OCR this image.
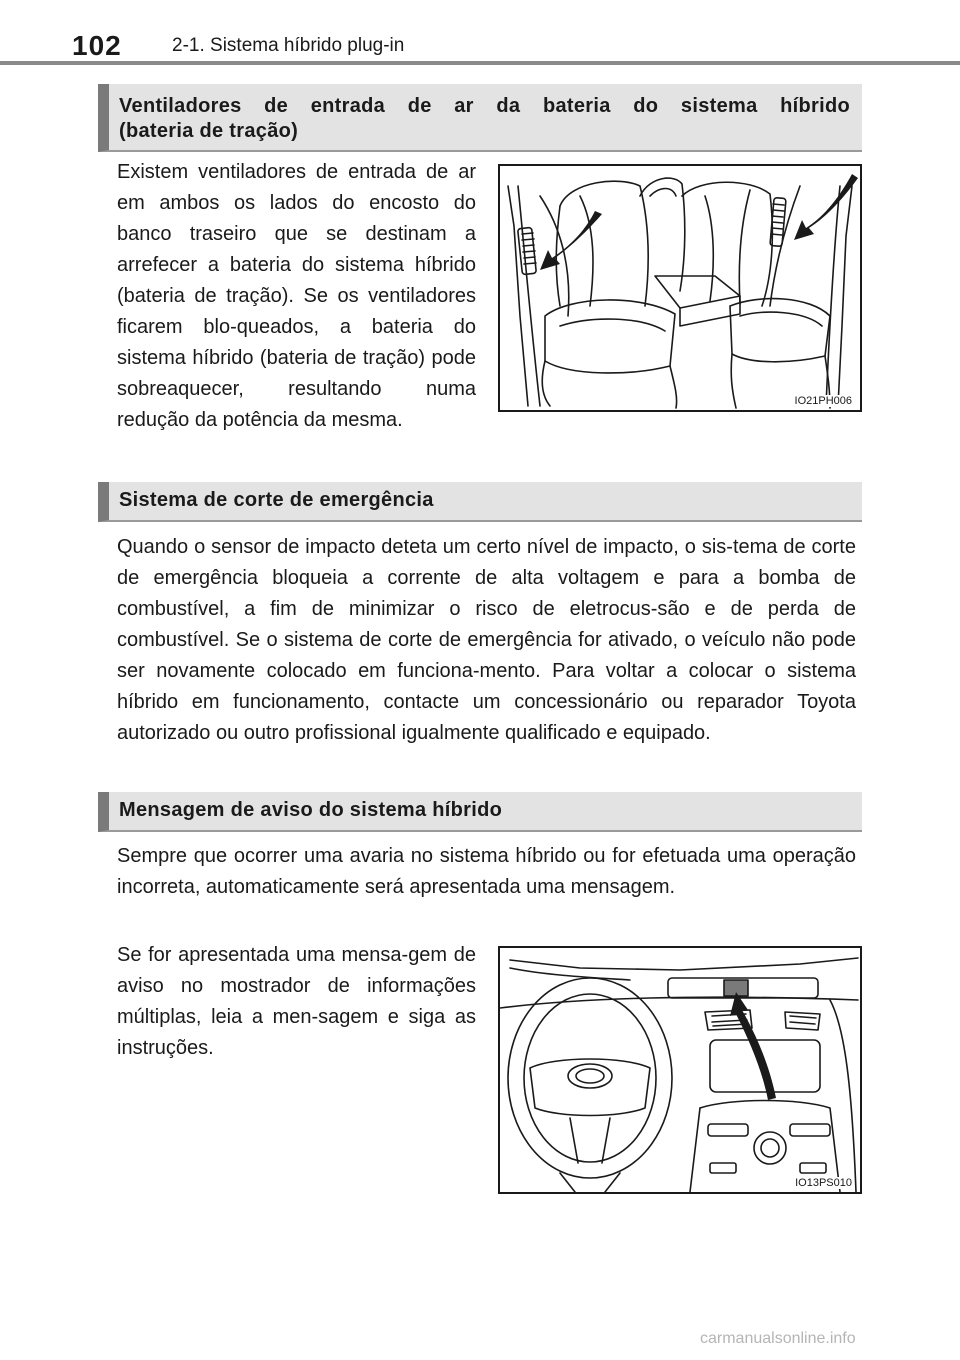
102	2-1. Sistema híbrido plug-in
Ventiladores de entrada de ar da bateria do sistema híbrido
(bateria de tração)

Existem ventiladores de entrada de ar em ambos os lados do encosto do banco traseiro que se destinam a arrefecer a bateria do sistema híbrido (bateria de tração). Se os ventiladores ficarem blo-queados, a bateria do sistema híbrido (bateria de tração) pode sobreaquecer, resultando numa redução da potência da mesma.

IO21PH006
Sistema de corte de emergência

Quando o sensor de impacto deteta um certo nível de impacto, o sis-tema de corte de emergência bloqueia a corrente de alta voltagem e para a bomba de combustível, a fim de minimizar o risco de eletrocus-são e de perda de combustível. Se o sistema de corte de emergência for ativado, o veículo não pode ser novamente colocado em funciona-mento. Para voltar a colocar o sistema híbrido em funcionamento, contacte um concessionário ou reparador Toyota autorizado ou outro profissional igualmente qualificado e equipado.

Mensagem de aviso do sistema híbrido

Sempre que ocorrer uma avaria no sistema híbrido ou for efetuada uma operação incorreta, automaticamente será apresentada uma mensagem.

Se for apresentada uma mensa-gem de aviso no mostrador de informações múltiplas, leia a men-sagem e siga as instruções.

IO13PS010
carmanualsonline.info
